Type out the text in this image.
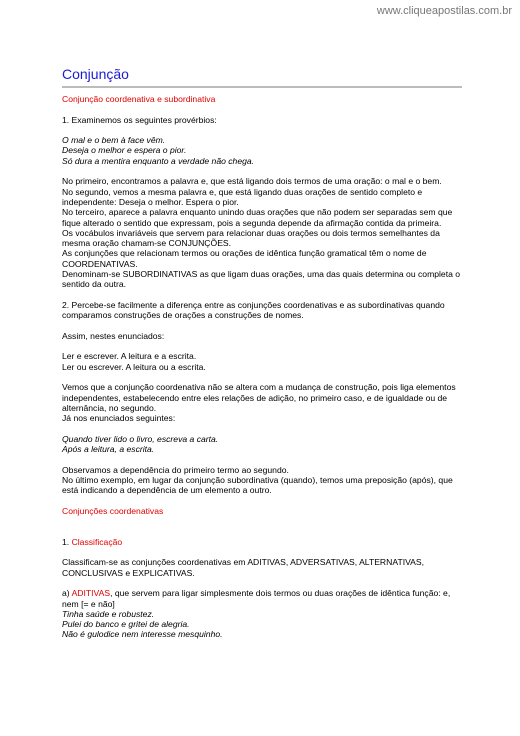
www.cliqueapostilas.com.br
Conjunção

Conjunção coordenativa e subordinativa

1. Examinemos os seguintes provérbios:

O mal e o bem à face vêm.
Deseja o melhor e espera o pior.
Só dura a mentira enquanto a verdade não chega.

No primeiro, encontramos a palavra e, que está ligando dois termos de uma oração: o mal e o bem.
No segundo, vemos a mesma palavra e, que está ligando duas orações de sentido completo e
independente: Deseja o melhor. Espera o pior.
No terceiro, aparece a palavra enquanto unindo duas orações que não podem ser separadas sem que
fique alterado o sentido que expressam, pois a segunda depende da afirmação contida da primeira.
Os vocábulos invariáveis que servem para relacionar duas orações ou dois termos semelhantes da
mesma oração chamam-se CONJUNÇÕES.
As conjunções que relacionam termos ou orações de idêntica função gramatical têm o nome de
COORDENATIVAS.
Denominam-se SUBORDINATIVAS as que ligam duas orações, uma das quais determina ou completa o
sentido da outra.

2. Percebe-se facilmente a diferença entre as conjunções coordenativas e as subordinativas quando
comparamos construções de orações a construções de nomes.

Assim, nestes enunciados:

Ler e escrever. A leitura e a escrita.
Ler ou escrever. A leitura ou a escrita.

Vemos que a conjunção coordenativa não se altera com a mudança de construção, pois liga elementos
independentes, estabelecendo entre eles relações de adição, no primeiro caso, e de igualdade ou de
alternância, no segundo.
Já nos enunciados seguintes:

Quando tiver lido o livro, escreva a carta.
Após a leitura, a escrita.

Observamos a dependência do primeiro termo ao segundo.
No último exemplo, em lugar da conjunção subordinativa (quando), temos uma preposição (após), que
está indicando a dependência de um elemento a outro.

Conjunções coordenativas

1. Classificação

Classificam-se as conjunções coordenativas em ADITIVAS, ADVERSATIVAS, ALTERNATIVAS,
CONCLUSIVAS e EXPLICATIVAS.

a) ADITIVAS, que servem para ligar simplesmente dois termos ou duas orações de idêntica função: e,
nem [= e não]
Tinha saúde e robustez.
Pulei do banco e gritei de alegria.
Não é gulodice nem interesse mesquinho.
